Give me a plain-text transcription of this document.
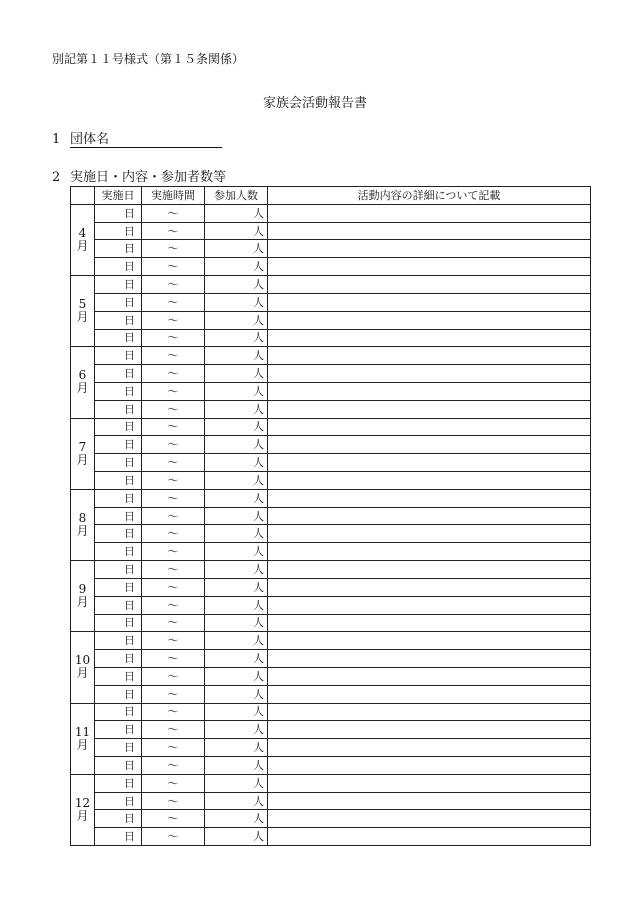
別記第１１号様式（第１５条関係）
家族会活動報告書
1 団体名
2 実施日・内容・参加者数等
	実施日	実施時間	参加人数	活動内容の詳細について記載

4
月	日	～	人	
	日	～	人	
	日	～	人	
	日	～	人	

5
月	日	～	人	
	日	～	人	
	日	～	人	
	日	～	人	

6
月	日	～	人	
	日	～	人	
	日	～	人	
	日	～	人	

7
月	日	～	人	
	日	～	人	
	日	～	人	
	日	～	人	

8
月	日	～	人	
	日	～	人	
	日	～	人	
	日	～	人	

9
月	日	～	人	
	日	～	人	
	日	～	人	
	日	～	人	

10
月	日	～	人	
	日	～	人	
	日	～	人	
	日	～	人	

11
月	日	～	人	
	日	～	人	
	日	～	人	
	日	～	人	

12
月	日	～	人	
	日	～	人	
	日	～	人	
	日	～	人	
